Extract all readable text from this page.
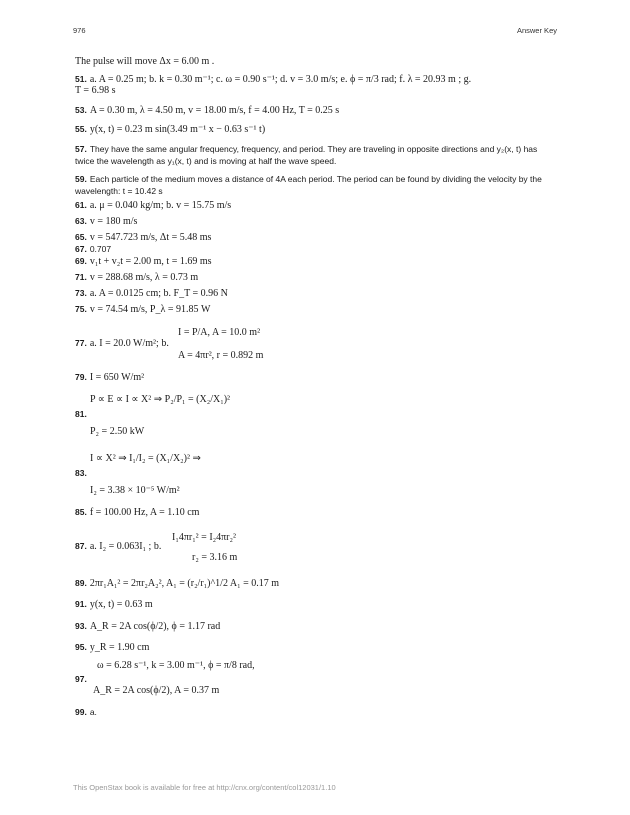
976	Answer Key
The pulse will move Δx = 6.00 m .
51. a. A = 0.25 m; b. k = 0.30 m⁻¹; c. ω = 0.90 s⁻¹; d. v = 3.0 m/s; e. ϕ = π/3 rad; f. λ = 20.93 m ; g.
T = 6.98 s
53. A = 0.30 m, λ = 4.50 m, v = 18.00 m/s, f = 4.00 Hz, T = 0.25 s
55. y(x, t) = 0.23 m sin(3.49 m⁻¹ x − 0.63 s⁻¹ t)
57. They have the same angular frequency, frequency, and period. They are traveling in opposite directions and y₂(x, t) has twice the wavelength as y₁(x, t) and is moving at half the wave speed.
59. Each particle of the medium moves a distance of 4A each period. The period can be found by dividing the velocity by the wavelength: t = 10.42 s
61. a. μ = 0.040 kg/m; b. v = 15.75 m/s
63. v = 180 m/s
65. v = 547.723 m/s, Δt = 5.48 ms
67. 0.707
69. v₁t + v₂t = 2.00 m, t = 1.69 ms
71. v = 288.68 m/s, λ = 0.73 m
73. a. A = 0.0125 cm; b. F_T = 0.96 N
75. v = 74.54 m/s, P_λ = 91.85 W
I = P/A, A = 10.0 m²
77. a. I = 20.0 W/m²; b.
A = 4πr², r = 0.892 m
79. I = 650 W/m²
P ∝ E ∝ I ∝ X² ⇒ P₂/P₁ = (X₂/X₁)²
81.
P₂ = 2.50 kW
I ∝ X² ⇒ I₁/I₂ = (X₁/X₂)² ⇒
83.
I₂ = 3.38 × 10⁻⁵ W/m²
85. f = 100.00 Hz, A = 1.10 cm
I₁4πr₁² = I₂4πr₂²
87. a. I₂ = 0.063I₁ ; b.
r₂ = 3.16 m
89. 2πr₁A₁² = 2πr₂A₂², A₁ = (r₂/r₁)^1/2 A₁ = 0.17 m
91. y(x, t) = 0.63 m
93. A_R = 2A cos(ϕ/2), ϕ = 1.17 rad
95. y_R = 1.90 cm
ω = 6.28 s⁻¹, k = 3.00 m⁻¹, ϕ = π/8 rad,
97.
A_R = 2A cos(ϕ/2), A = 0.37 m
99. a.
This OpenStax book is available for free at http://cnx.org/content/col12031/1.10
